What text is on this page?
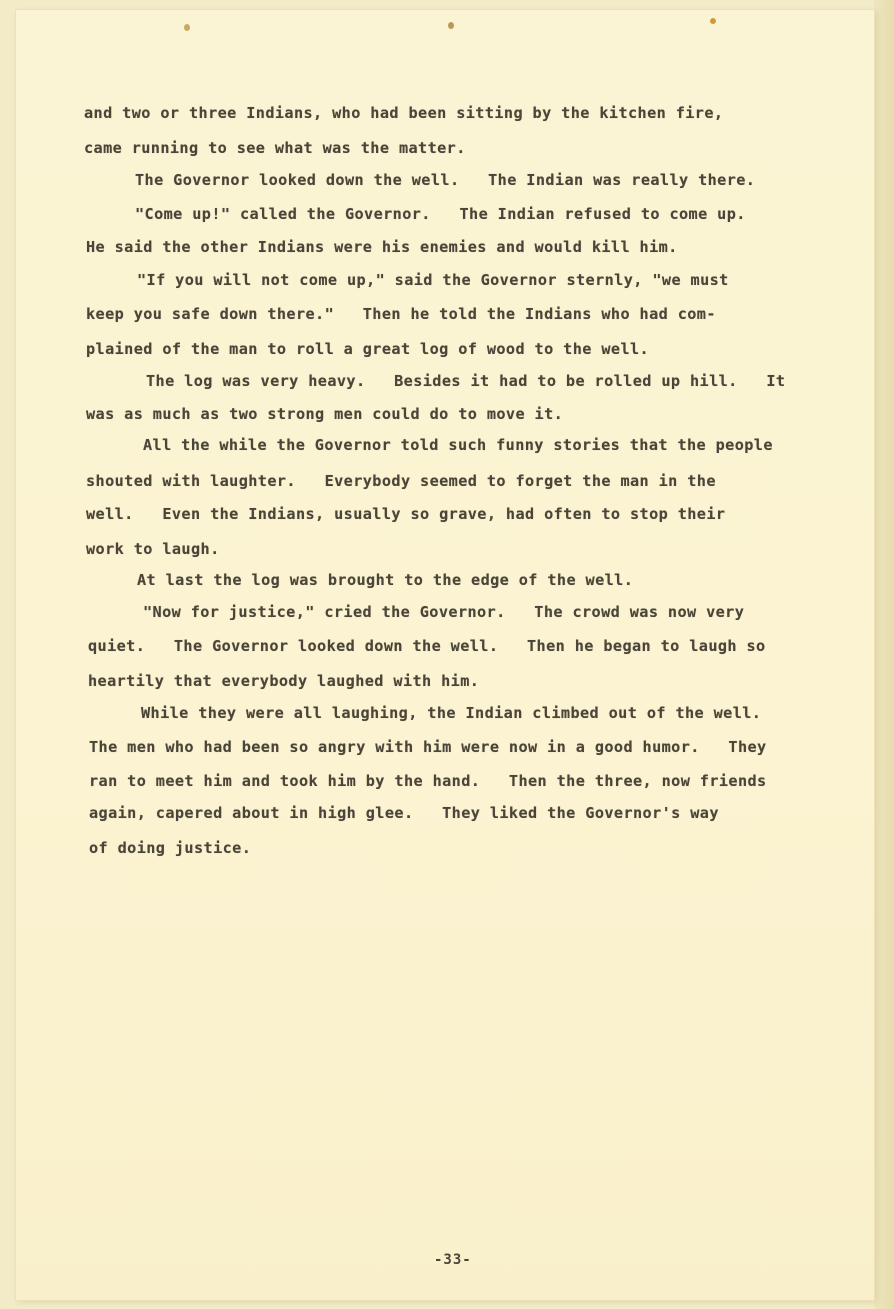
and two or three Indians, who had been sitting by the kitchen fire,
came running to see what was the matter.
The Governor looked down the well.   The Indian was really there.
"Come up!" called the Governor.   The Indian refused to come up.
He said the other Indians were his enemies and would kill him.
"If you will not come up," said the Governor sternly, "we must
keep you safe down there."   Then he told the Indians who had com-
plained of the man to roll a great log of wood to the well.
The log was very heavy.   Besides it had to be rolled up hill.   It
was as much as two strong men could do to move it.
All the while the Governor told such funny stories that the people
shouted with laughter.   Everybody seemed to forget the man in the
well.   Even the Indians, usually so grave, had often to stop their
work to laugh.
At last the log was brought to the edge of the well.
"Now for justice," cried the Governor.   The crowd was now very
quiet.   The Governor looked down the well.   Then he began to laugh so
heartily that everybody laughed with him.
While they were all laughing, the Indian climbed out of the well.
The men who had been so angry with him were now in a good humor.   They
ran to meet him and took him by the hand.   Then the three, now friends
again, capered about in high glee.   They liked the Governor's way
of doing justice.
-33-
